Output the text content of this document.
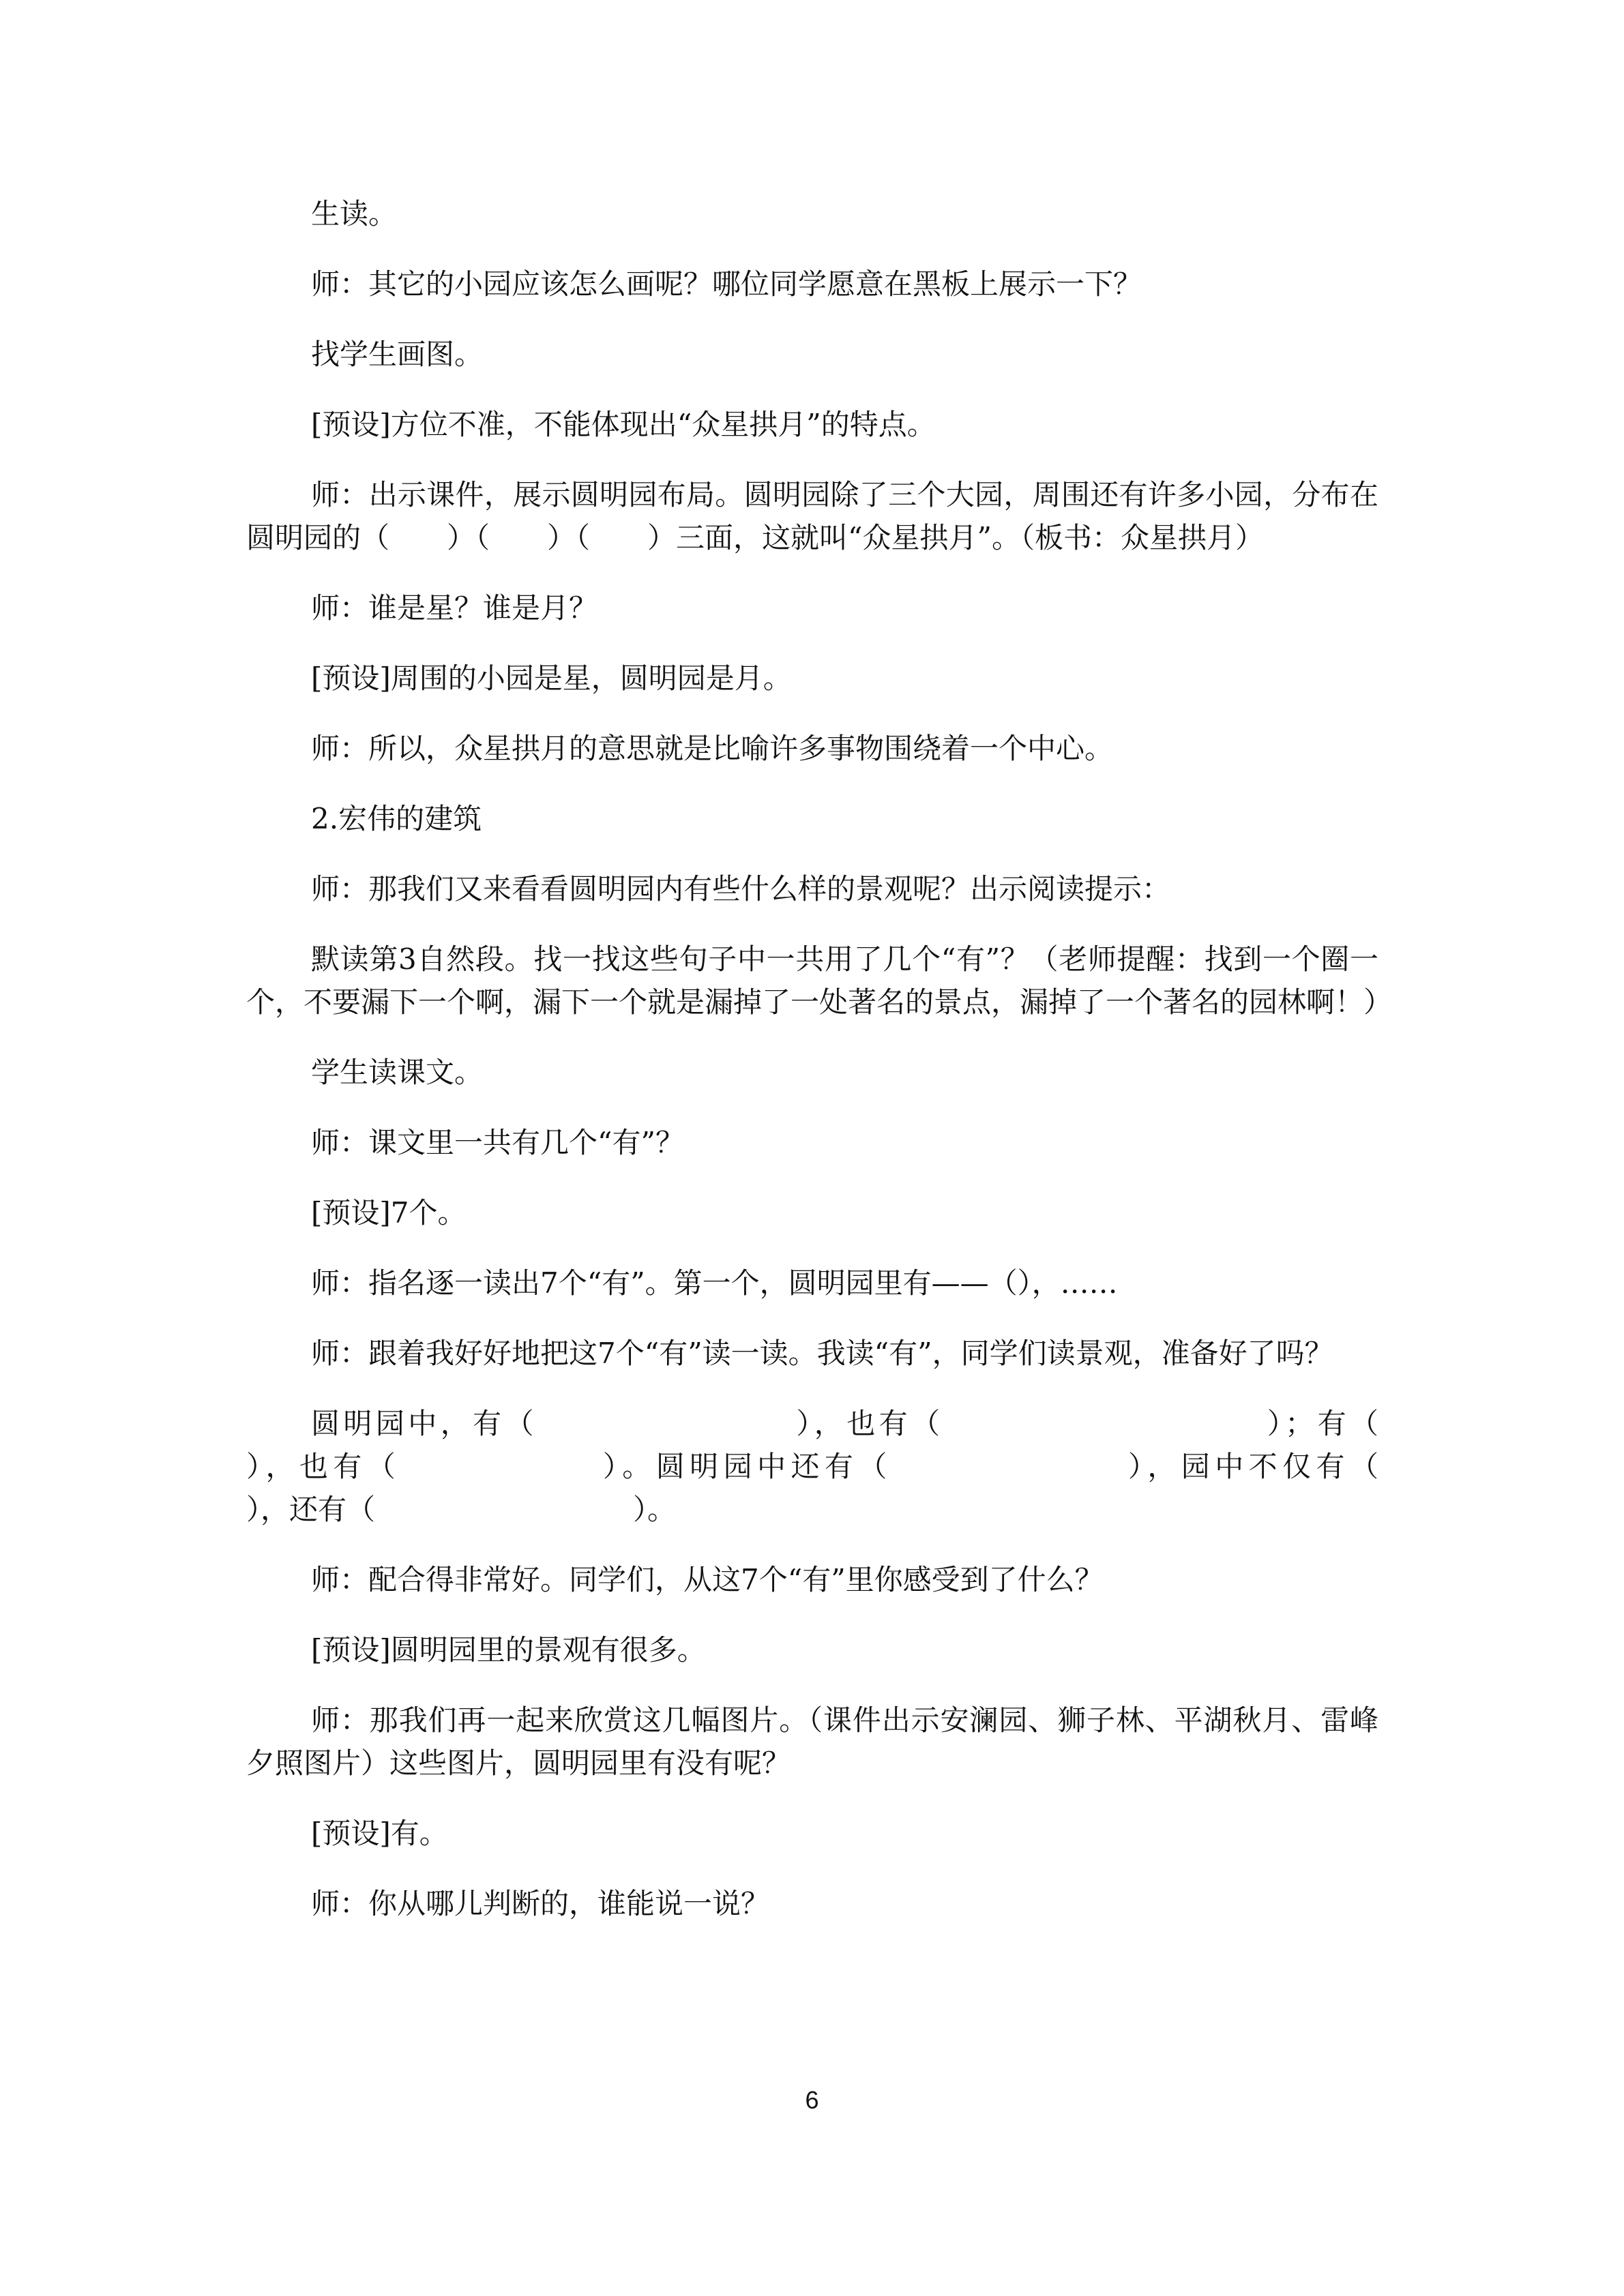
生读。

师：其它的小园应该怎么画呢？哪位同学愿意在黑板上展示一下？

找学生画图。

[预设]方位不准，不能体现出“众星拱月”的特点。

师：出示课件，展示圆明园布局。圆明园除了三个大园，周围还有许多小园，分布在圆明园的（　　）（　　）（　　）三面，这就叫“众星拱月”。（板书：众星拱月）

师：谁是星？谁是月？

[预设]周围的小园是星，圆明园是月。

师：所以，众星拱月的意思就是比喻许多事物围绕着一个中心。

2.宏伟的建筑

师：那我们又来看看圆明园内有些什么样的景观呢？出示阅读提示：

默读第3自然段。找一找这些句子中一共用了几个“有”？（老师提醒：找到一个圈一个，不要漏下一个啊，漏下一个就是漏掉了一处著名的景点，漏掉了一个著名的园林啊！）

学生读课文。

师：课文里一共有几个“有”？

[预设]7个。

师：指名逐一读出7个“有”。第一个，圆明园里有——（），……

师：跟着我好好地把这7个“有”读一读。我读“有”，同学们读景观，准备好了吗？

圆明园中，有（　　　　　　　　），也有（　　　　　　　　　　）；有（　　　　　　），也有（　　　　　　）。圆明园中还有（　　　　　　　），园中不仅有（　　　　　　　　），还有（　　　　　　　　　）。

师：配合得非常好。同学们，从这7个“有”里你感受到了什么？

[预设]圆明园里的景观有很多。

师：那我们再一起来欣赏这几幅图片。（课件出示安澜园、狮子林、平湖秋月、雷峰夕照图片）这些图片，圆明园里有没有呢？

[预设]有。

师：你从哪儿判断的，谁能说一说？

6
